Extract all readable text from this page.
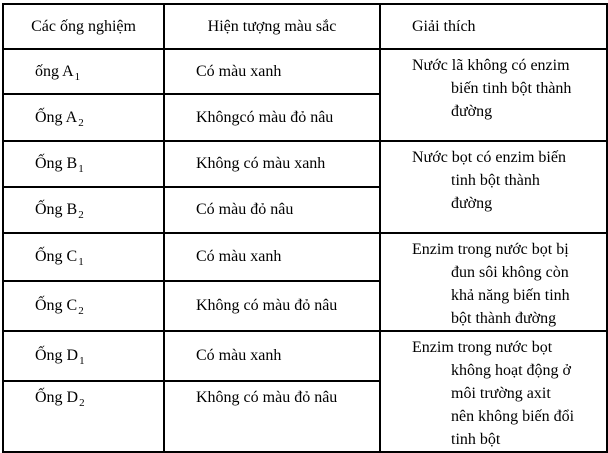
Các ống nghiệm	Hiện tượng màu sắc	Giải thích
ống $A_1$	Có màu xanh	Nước lã không có enzim
biến tinh bột thành
đường

Ống $A_2$	Khôngcó màu đỏ nâu	
Ống $B_1$	Không có màu xanh	Nước bọt có enzim biến
tinh bột thành
đường

Ống $B_2$	Có màu đỏ nâu	
Ống $C_1$	Có màu xanh	Enzim trong nước bọt bị
đun sôi không còn
khả năng biến tinh
bột thành đường

Ống $C_2$	Không có màu đỏ nâu	
Ống $D_1$	Có màu xanh	Enzim trong nước bọt
không hoạt động ở
môi trường axit
nên không biến đổi
tinh bột

Ống $D_2$	Không có màu đỏ nâu	
